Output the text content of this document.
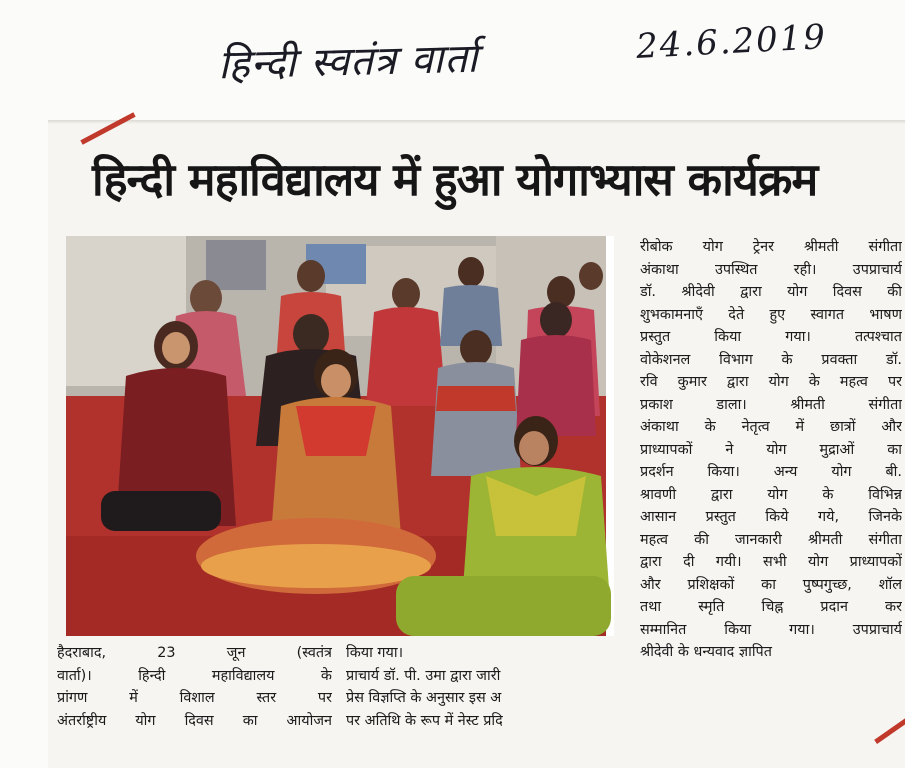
हिन्दी स्वतंत्र वार्ता	24.6.2019
हिन्दी महाविद्यालय में हुआ योगाभ्यास कार्यक्रम
रीबोक योग ट्रेनर श्रीमती संगीता
अंकाथा उपस्थित रही। उपप्राचार्य
डॉ. श्रीदेवी द्वारा योग दिवस की
शुभकामनाएँ देते हुए स्वागत भाषण
प्रस्तुत किया गया। तत्पश्चात
वोकेशनल विभाग के प्रवक्ता डॉ.
रवि कुमार द्वारा योग के महत्व पर
प्रकाश डाला। श्रीमती संगीता
अंकाथा के नेतृत्व में छात्रों और
प्राध्यापकों ने योग मुद्राओं का
प्रदर्शन किया। अन्य योग बी.
श्रावणी द्वारा योग के विभिन्न
आसान प्रस्तुत किये गये, जिनके
महत्व की जानकारी श्रीमती संगीता
द्वारा दी गयी। सभी योग प्राध्यापकों
और प्रशिक्षकों का पुष्पगुच्छ, शॉल
तथा स्मृति चिह्न प्रदान कर
सम्मानित किया गया। उपप्राचार्य
श्रीदेवी के धन्यवाद ज्ञापित
हैदराबाद, 23 जून (स्वतंत्र
वार्ता)। हिन्दी महाविद्यालय के
प्रांगण में विशाल स्तर पर
अंतर्राष्ट्रीय योग दिवस का आयोजन
किया गया।
प्राचार्य डॉ. पी. उमा द्वारा जारी
प्रेस विज्ञप्ति के अनुसार इस अ
पर अतिथि के रूप में नेस्ट प्रदि
